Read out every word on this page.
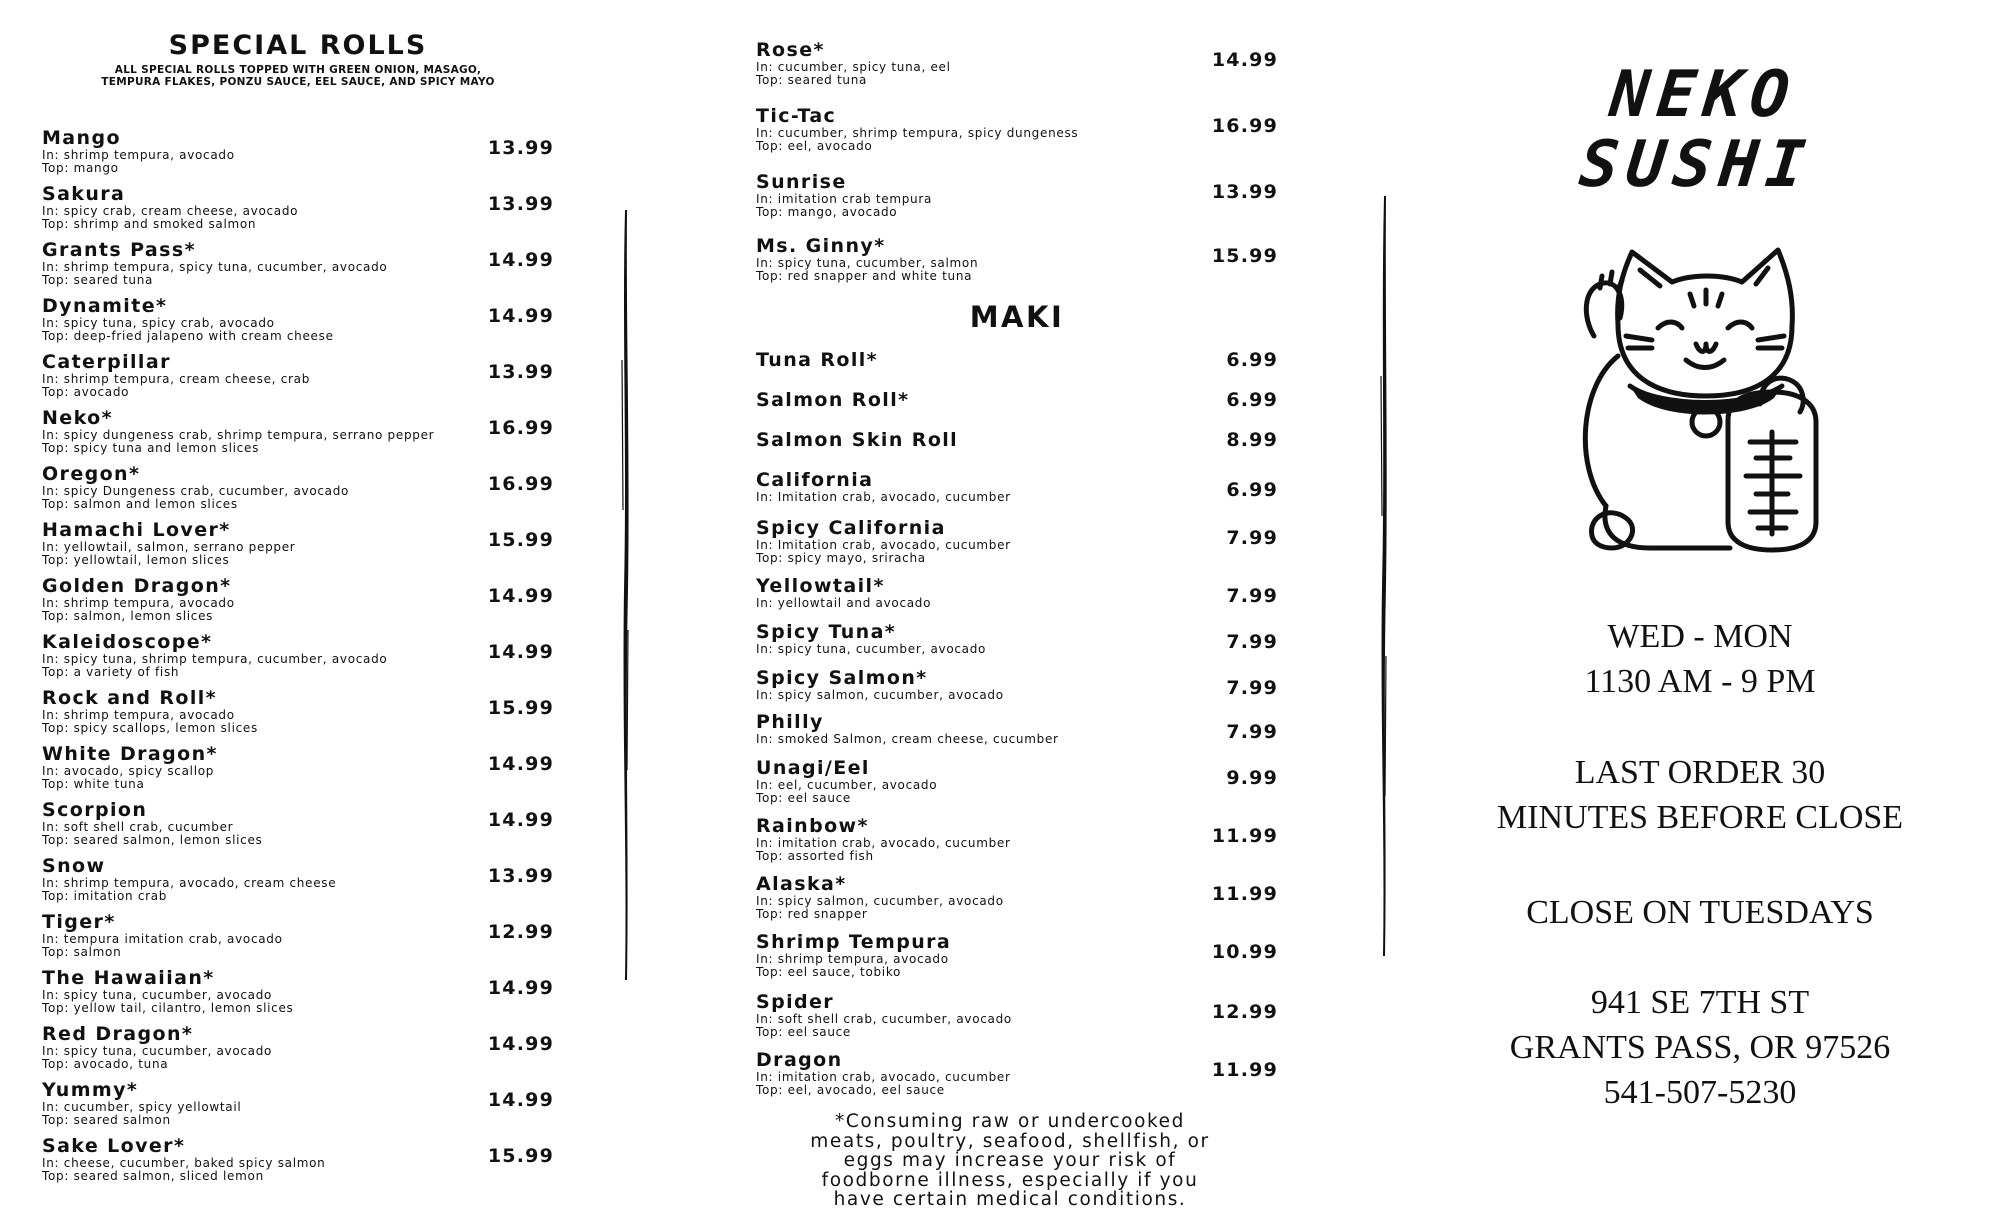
SPECIAL ROLLS
ALL SPECIAL ROLLS TOPPED WITH GREEN ONION, MASAGO, TEMPURA FLAKES, PONZU SAUCE, EEL SAUCE, AND SPICY MAYO
Mango	13.99
In: shrimp tempura, avocado
Top: mango
Sakura	13.99
In: spicy crab, cream cheese, avocado
Top: shrimp and smoked salmon
Grants Pass*	14.99
In: shrimp tempura, spicy tuna, cucumber, avocado
Top: seared tuna
Dynamite*	14.99
In: spicy tuna, spicy crab, avocado
Top: deep-fried jalapeno with cream cheese
Caterpillar	13.99
In: shrimp tempura, cream cheese, crab
Top: avocado
Neko*	16.99
In: spicy dungeness crab, shrimp tempura, serrano pepper
Top: spicy tuna and lemon slices
Oregon*	16.99
In: spicy Dungeness crab, cucumber, avocado
Top: salmon and lemon slices
Hamachi Lover*	15.99
In: yellowtail, salmon, serrano pepper
Top: yellowtail, lemon slices
Golden Dragon*	14.99
In: shrimp tempura, avocado
Top: salmon, lemon slices
Kaleidoscope*	14.99
In: spicy tuna, shrimp tempura, cucumber, avocado
Top: a variety of fish
Rock and Roll*	15.99
In: shrimp tempura, avocado
Top: spicy scallops, lemon slices
White Dragon*	14.99
In: avocado, spicy scallop
Top: white tuna
Scorpion	14.99
In: soft shell crab, cucumber
Top: seared salmon, lemon slices
Snow	13.99
In: shrimp tempura, avocado, cream cheese
Top: imitation crab
Tiger*	12.99
In: tempura imitation crab, avocado
Top: salmon
The Hawaiian*	14.99
In: spicy tuna, cucumber, avocado
Top: yellow tail, cilantro, lemon slices
Red Dragon*	14.99
In: spicy tuna, cucumber, avocado
Top: avocado, tuna
Yummy*	14.99
In: cucumber, spicy yellowtail
Top: seared salmon
Sake Lover*	15.99
In: cheese, cucumber, baked spicy salmon
Top: seared salmon, sliced lemon
Rose*	14.99
In: cucumber, spicy tuna, eel
Top: seared tuna
Tic-Tac	16.99
In: cucumber, shrimp tempura, spicy dungeness
Top: eel, avocado
Sunrise	13.99
In: imitation crab tempura
Top: mango, avocado
Ms. Ginny*	15.99
In: spicy tuna, cucumber, salmon
Top: red snapper and white tuna
MAKI
Tuna Roll*	6.99
Salmon Roll*	6.99
Salmon Skin Roll	8.99
California	6.99
In: Imitation crab, avocado, cucumber
Spicy California	7.99
In: Imitation crab, avocado, cucumber
Top: spicy mayo, sriracha
Yellowtail*	7.99
In: yellowtail and avocado
Spicy Tuna*	7.99
In: spicy tuna, cucumber, avocado
Spicy Salmon*	7.99
In: spicy salmon, cucumber, avocado
Philly	7.99
In: smoked Salmon, cream cheese, cucumber
Unagi/Eel	9.99
In: eel, cucumber, avocado
Top: eel sauce
Rainbow*	11.99
In: imitation crab, avocado, cucumber
Top: assorted fish
Alaska*	11.99
In: spicy salmon, cucumber, avocado
Top: red snapper
Shrimp Tempura	10.99
In: shrimp tempura, avocado
Top: eel sauce, tobiko
Spider	12.99
In: soft shell crab, cucumber, avocado
Top: eel sauce
Dragon	11.99
In: imitation crab, avocado, cucumber
Top: eel, avocado, eel sauce
*Consuming raw or undercooked
meats, poultry, seafood, shellfish, or
eggs may increase your risk of
foodborne illness, especially if you
have certain medical conditions.
NEKO
SUSHI
WED - MON
1130 AM - 9 PM
LAST ORDER 30
MINUTES BEFORE CLOSE
CLOSE ON TUESDAYS
941 SE 7TH ST
GRANTS PASS, OR 97526
541-507-5230
